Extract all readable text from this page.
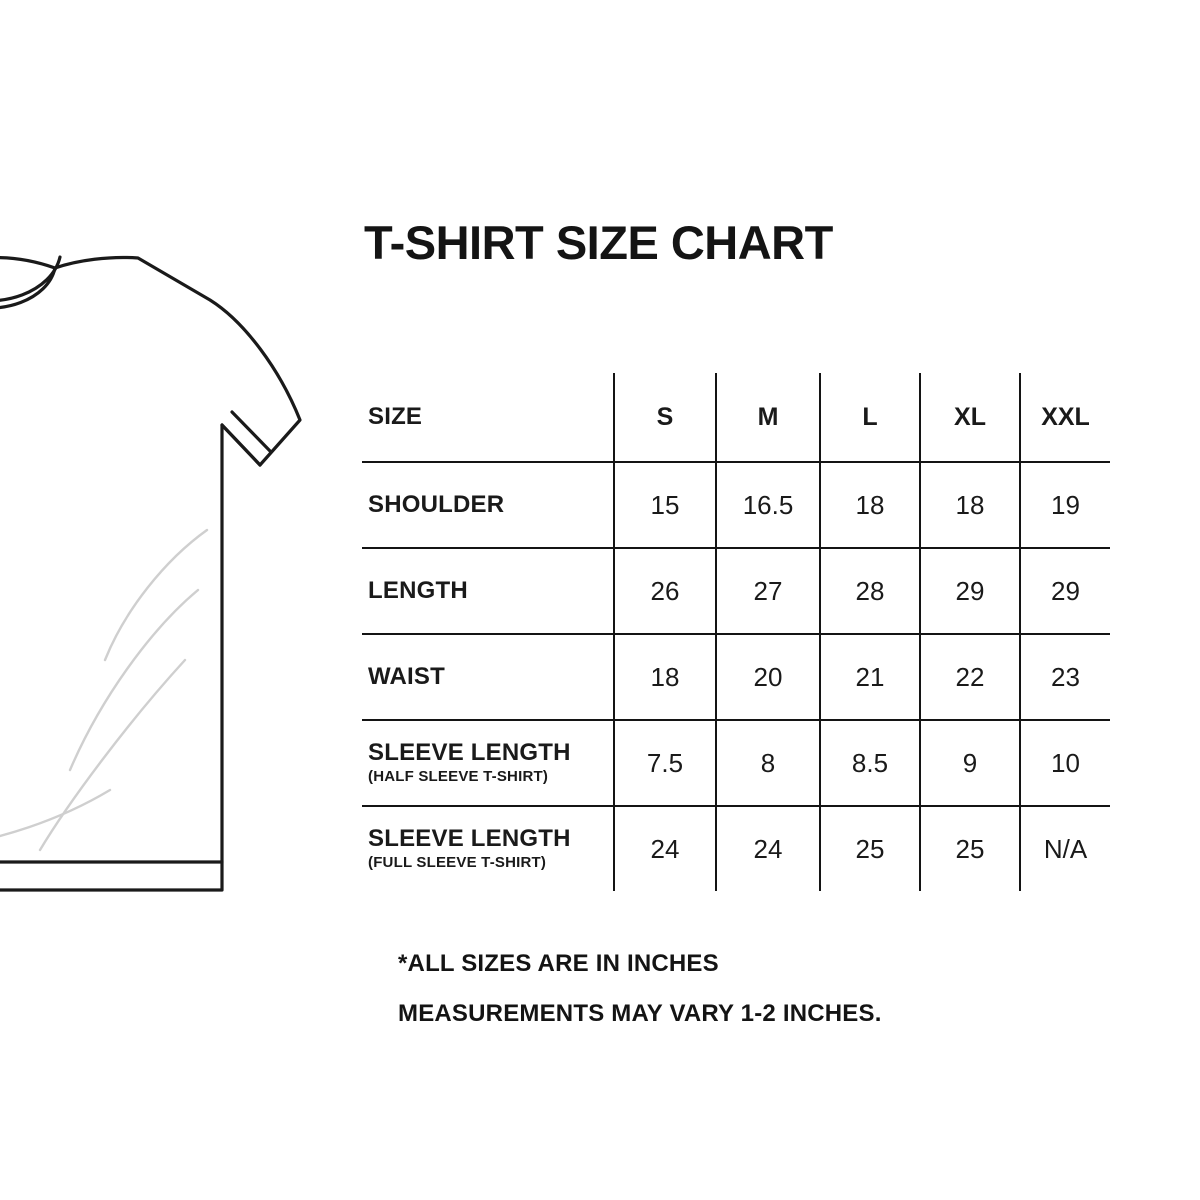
T-SHIRT SIZE CHART
SIZE	S	M	L	XL	XXL

SHOULDER	15	16.5	18	18	19

LENGTH	26	27	28	29	29

WAIST	18	20	21	22	23

SLEEVE LENGTH
(HALF SLEEVE T-SHIRT)	7.5	8	8.5	9	10

SLEEVE LENGTH
(FULL SLEEVE T-SHIRT)	24	24	25	25	N/A
*ALL SIZES ARE IN INCHES
MEASUREMENTS MAY VARY 1-2 INCHES.
